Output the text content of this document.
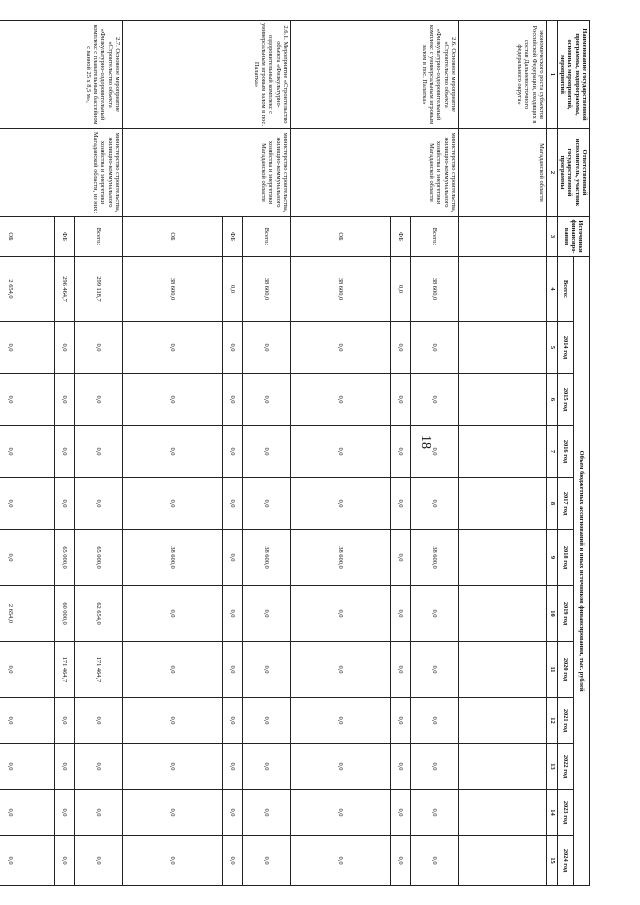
18
Наименование государственной программы, подпрограммы, основных мероприятий, мероприятий	Ответственный исполнитель, участник государственной программы	Источники финансиро-вания	Объем бюджетных ассигнований и иных источников финансирования, тыс. рублей											
			Всего:	2014 год	2015 год	2016 год	2017 год	2018 год	2019 год	2020 год	2021 год	2022 год	2023 год	2024 год
1	2	3	4	5	6	7	8	9	10	11	12	13	14	15
экономического роста субъектов Российской Федерации, входящих в состав Дальневосточного федерального округа»	Магаданской области													
2.6. Основное мероприятие «Строительство объекта «Физкультурно-оздоровительный комплекс с универсальным игровым залом в пос. Палатка»	министерство строительства, жилищно-коммунального хозяйства и энергетики Магаданской области	Всего:	38 600,0	0,0	0,0	0,0	0,0	38 600,0	0,0	0,0	0,0	0,0	0,0	0,0
		ФБ	0,0	0,0	0,0	0,0	0,0	0,0	0,0	0,0	0,0	0,0	0,0	0,0
		ОБ	38 600,0	0,0	0,0	0,0	0,0	38 600,0	0,0	0,0	0,0	0,0	0,0	0,0
2.6.1. Мероприятие «Строительство объекта «Физкультурно-оздоровительный комплекс с универсальным игровым залом в пос. Палатка»	министерство строительства, жилищно-коммунального хозяйства и энергетики Магаданской области	Всего:	38 600,0	0,0	0,0	0,0	0,0	38 600,0	0,0	0,0	0,0	0,0	0,0	0,0
		ФБ	0,0	0,0	0,0	0,0	0,0	0,0	0,0	0,0	0,0	0,0	0,0	0,0
		ОБ	38 600,0	0,0	0,0	0,0	0,0	38 600,0	0,0	0,0	0,0	0,0	0,0	0,0
2.7. Основное мероприятие «Строительство объекта «Физкультурно-оздоровительный комплекс с плавательным бассейном с ванной 25 х 8,5 м»,	министерство строительства, жилищно-коммунального хозяйства и энергетики Магаданской области, из них:	Всего:	299 118,7	0,0	0,0	0,0	0,0	65 000,0	62 654,0	171 464,7	0,0	0,0	0,0	0,0
		ФБ	296 464,7	0,0	0,0	0,0	0,0	65 000,0	60 000,0	171 464,7	0,0	0,0	0,0	0,0
		ОБ	2 654,0	0,0	0,0	0,0	0,0	0,0	2 654,0	0,0	0,0	0,0	0,0	0,0
